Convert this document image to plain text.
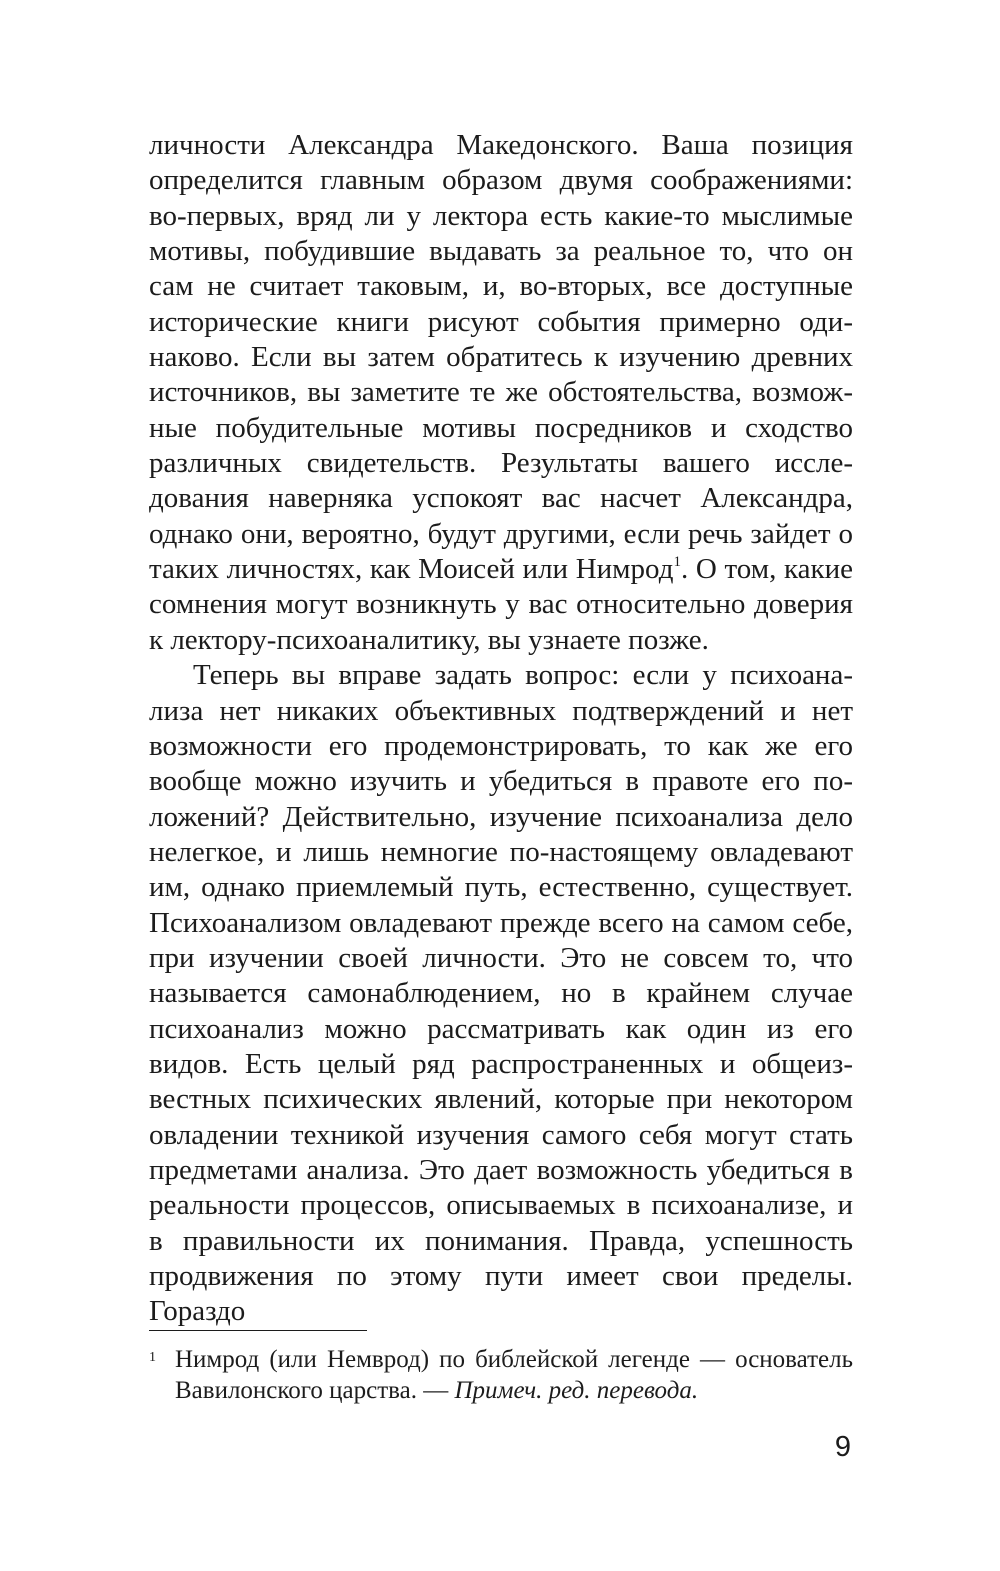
личности Александра Македонского. Ваша позиция определится главным образом двумя соображениями: во-первых, вряд ли у лектора есть какие-то мыслимые мотивы, побудившие выдавать за реальное то, что он сам не считает таковым, и, во-вторых, все доступные исторические книги рисуют события примерно одинаково. Если вы затем обратитесь к изучению древних источников, вы заметите те же обстоятельства, возможные побудительные мотивы посредников и сходство различных свидетельств. Результаты вашего исследования наверняка успокоят вас насчет Александра, однако они, вероятно, будут другими, если речь зайдет о таких личностях, как Моисей или Нимрод$^1$. О том, какие сомнения могут возникнуть у вас относительно доверия к лектору-психоаналитику, вы узнаете позже.

Теперь вы вправе задать вопрос: если у психоанализа нет никаких объективных подтверждений и нет возможности его продемонстрировать, то как же его вообще можно изучить и убедиться в правоте его положений? Действительно, изучение психоанализа дело нелегкое, и лишь немногие по-настоящему овладевают им, однако приемлемый путь, естественно, существует. Психоанализом овладевают прежде всего на самом себе, при изучении своей личности. Это не совсем то, что называется самонаблюдением, но в крайнем случае психоанализ можно рассматривать как один из его видов. Есть целый ряд распространенных и общеизвестных психических явлений, которые при некотором овладении техникой изучения самого себя могут стать предметами анализа. Это дает возможность убедиться в реальности процессов, описываемых в психоанализе, и в правильности их понимания. Правда, успешность продвижения по этому пути имеет свои пределы. Гораздо

1 Нимрод (или Немврод) по библейской легенде — основатель Вавилонского царства. — Примеч. ред. перевода.
9
